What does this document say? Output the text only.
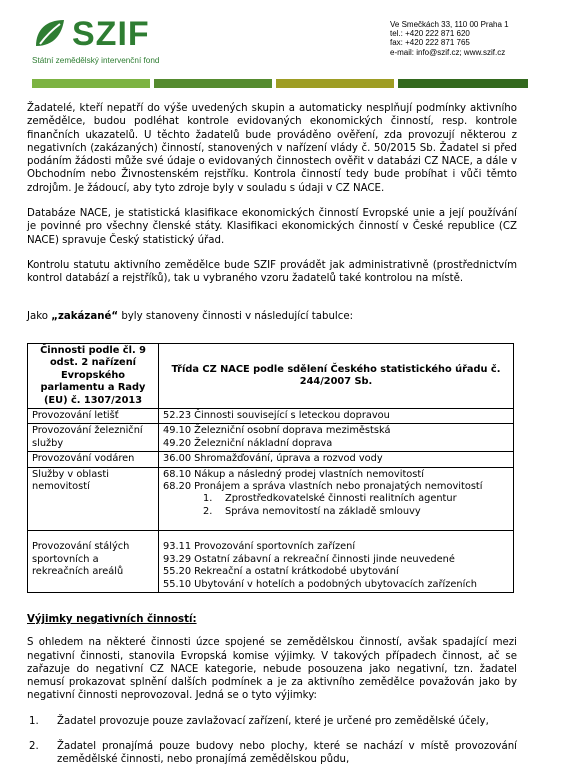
SZIF
Státní zemědělský intervenční fond
Ve Smečkách 33, 110 00 Praha 1
tel.: +420 222 871 620
fax: +420 222 871 765
e-mail: info@szif.cz; www.szif.cz

Žadatelé, kteří nepatří do výše uvedených skupin a automaticky nesplňují podmínky aktivního zemědělce, budou podléhat kontrole evidovaných ekonomických činností, resp. kontrole finančních ukazatelů. U těchto žadatelů bude prováděno ověření, zda provozují některou z negativních (zakázaných) činností, stanovených v nařízení vlády č. 50/2015 Sb. Žadatel si před podáním žádosti může své údaje o evidovaných činnostech ověřit v databázi CZ NACE, a dále v Obchodním nebo Živnostenském rejstříku. Kontrola činností tedy bude probíhat i vůči těmto zdrojům. Je žádoucí, aby tyto zdroje byly v souladu s údaji v CZ NACE.

Databáze NACE, je statistická klasifikace ekonomických činností Evropské unie a její používání je povinné pro všechny členské státy. Klasifikaci ekonomických činností v České republice (CZ NACE) spravuje Český statistický úřad.

Kontrolu statutu aktivního zemědělce bude SZIF provádět jak administrativně (prostřednictvím kontrol databází a rejstříků), tak u vybraného vzoru žadatelů také kontrolou na místě.

Jako „zakázané“ byly stanoveny činnosti v následující tabulce:

Činnosti podle čl. 9 odst. 2 nařízení Evropského parlamentu a Rady (EU) č. 1307/2013	Třída CZ NACE podle sdělení Českého statistického úřadu č. 244/2007 Sb.
Provozování letišť	52.23 Činnosti související s leteckou dopravou

Provozování železniční služby	49.10 Železniční osobní doprava meziměstská
49.20 Železniční nákladní doprava

Provozování vodáren	36.00 Shromažďování, úprava a rozvod vody

Služby v oblasti nemovitostí	68.10 Nákup a následný prodej vlastních nemovitostí
68.20 Pronájem a správa vlastních nebo pronajatých nemovitostí
1. Zprostředkovatelské činnosti realitních agentur
2. Správa nemovitostí na základě smlouvy

Provozování stálých sportovních a rekreačních areálů	93.11 Provozování sportovních zařízení
93.29 Ostatní zábavní a rekreační činnosti jinde neuvedené
55.20 Rekreační a ostatní krátkodobé ubytování
55.10 Ubytování v hotelích a podobných ubytovacích zařízeních

Výjimky negativních činností:

S ohledem na některé činnosti úzce spojené se zemědělskou činností, avšak spadající mezi negativní činnosti, stanovila Evropská komise výjimky. V takových případech činnost, ač se zařazuje do negativní CZ NACE kategorie, nebude posouzena jako negativní, tzn. žadatel nemusí prokazovat splnění dalších podmínek a je za aktivního zemědělce považován jako by negativní činnosti neprovozoval. Jedná se o tyto výjimky:

1. Žadatel provozuje pouze zavlažovací zařízení, které je určené pro zemědělské účely,
2. Žadatel pronajímá pouze budovy nebo plochy, které se nachází v místě provozování zemědělské činnosti, nebo pronajímá zemědělskou půdu,
